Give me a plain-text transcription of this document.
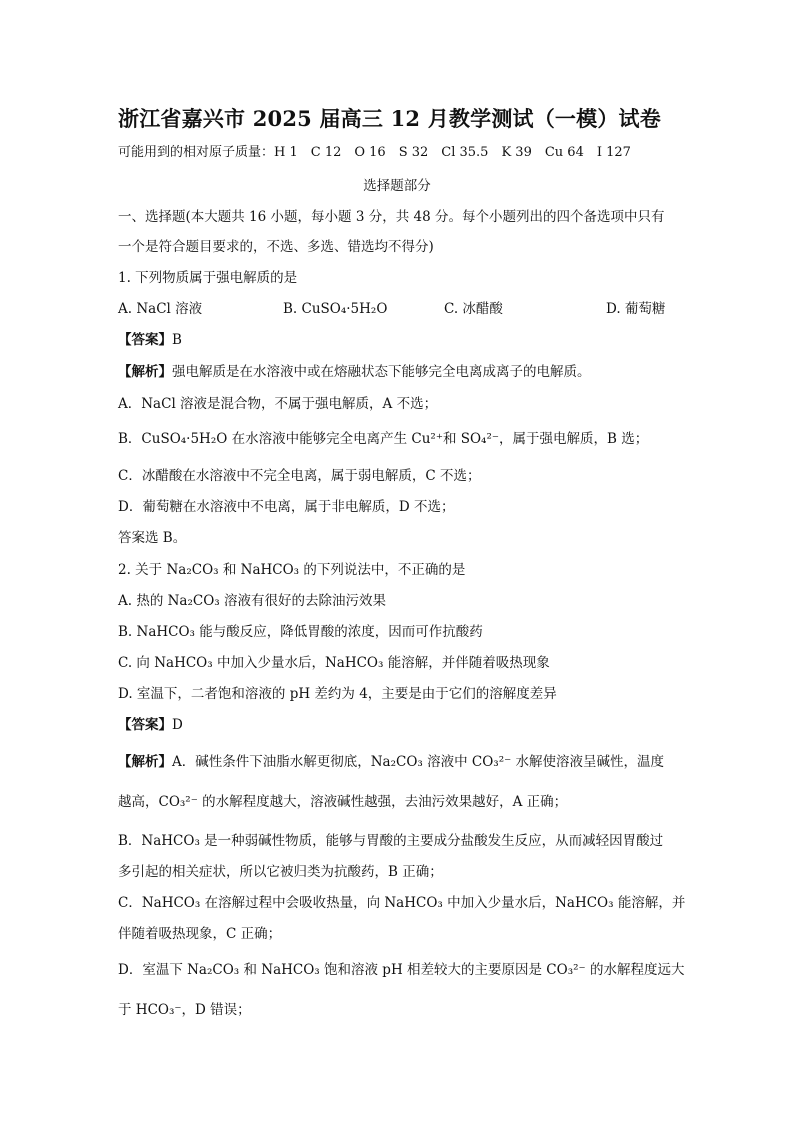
浙江省嘉兴市 2025 届高三 12 月教学测试（一模）试卷
可能用到的相对原子质量：H 1　C 12　O 16　S 32　Cl 35.5　K 39　Cu 64　I 127
选择题部分
一、选择题(本大题共 16 小题，每小题 3 分，共 48 分。每个小题列出的四个备选项中只有
一个是符合题目要求的，不选、多选、错选均不得分)
1. 下列物质属于强电解质的是
A. NaCl 溶液	B. CuSO₄·5H₂O	C. 冰醋酸	D. 葡萄糖
【答案】B
【解析】强电解质是在水溶液中或在熔融状态下能够完全电离成离子的电解质。
A．NaCl 溶液是混合物，不属于强电解质，A 不选；
B．CuSO₄·5H₂O 在水溶液中能够完全电离产生 Cu²⁺和 SO₄²⁻，属于强电解质，B 选；
C．冰醋酸在水溶液中不完全电离，属于弱电解质，C 不选；
D．葡萄糖在水溶液中不电离，属于非电解质，D 不选；
答案选 B。
2. 关于 Na₂CO₃ 和 NaHCO₃ 的下列说法中，不正确的是
A. 热的 Na₂CO₃ 溶液有很好的去除油污效果
B. NaHCO₃ 能与酸反应，降低胃酸的浓度，因而可作抗酸药
C. 向 NaHCO₃ 中加入少量水后，NaHCO₃ 能溶解，并伴随着吸热现象
D. 室温下，二者饱和溶液的 pH 差约为 4，主要是由于它们的溶解度差异
【答案】D
【解析】A．碱性条件下油脂水解更彻底，Na₂CO₃ 溶液中 CO₃²⁻ 水解使溶液呈碱性，温度
越高，CO₃²⁻ 的水解程度越大，溶液碱性越强，去油污效果越好，A 正确；
B．NaHCO₃ 是一种弱碱性物质，能够与胃酸的主要成分盐酸发生反应，从而减轻因胃酸过
多引起的相关症状，所以它被归类为抗酸药，B 正确；
C．NaHCO₃ 在溶解过程中会吸收热量，向 NaHCO₃ 中加入少量水后，NaHCO₃ 能溶解，并
伴随着吸热现象，C 正确；
D．室温下 Na₂CO₃ 和 NaHCO₃ 饱和溶液 pH 相差较大的主要原因是 CO₃²⁻ 的水解程度远大
于 HCO₃⁻，D 错误；
